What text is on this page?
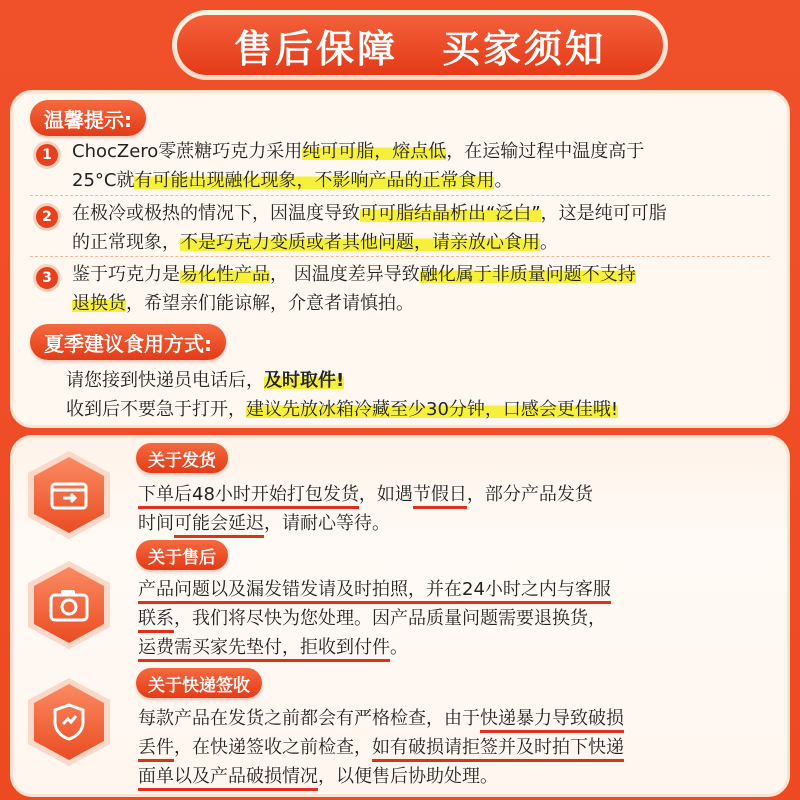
售后保障 买家须知
温馨提示:
1	ChocZero零蔗糖巧克力采用纯可可脂，熔点低，在运输过程中温度高于
25°C就有可能出现融化现象，不影响产品的正常食用。
2	在极冷或极热的情况下，因温度导致可可脂结晶析出“泛白”，这是纯可可脂
的正常现象，不是巧克力变质或者其他问题，请亲放心食用。
3	鉴于巧克力是易化性产品， 因温度差异导致融化属于非质量问题不支持
退换货，希望亲们能谅解，介意者请慎拍。
夏季建议食用方式:
请您接到快递员电话后，及时取件!
收到后不要急于打开，建议先放冰箱冷藏至少30分钟，口感会更佳哦!
关于发货
下单后48小时开始打包发货，如遇节假日，部分产品发货
时间可能会延迟，请耐心等待。
关于售后
产品问题以及漏发错发请及时拍照，并在24小时之内与客服
联系，我们将尽快为您处理。因产品质量问题需要退换货，
运费需买家先垫付，拒收到付件。
关于快递签收
每款产品在发货之前都会有严格检查，由于快递暴力导致破损
丢件，在快递签收之前检查，如有破损请拒签并及时拍下快递
面单以及产品破损情况，以便售后协助处理。
